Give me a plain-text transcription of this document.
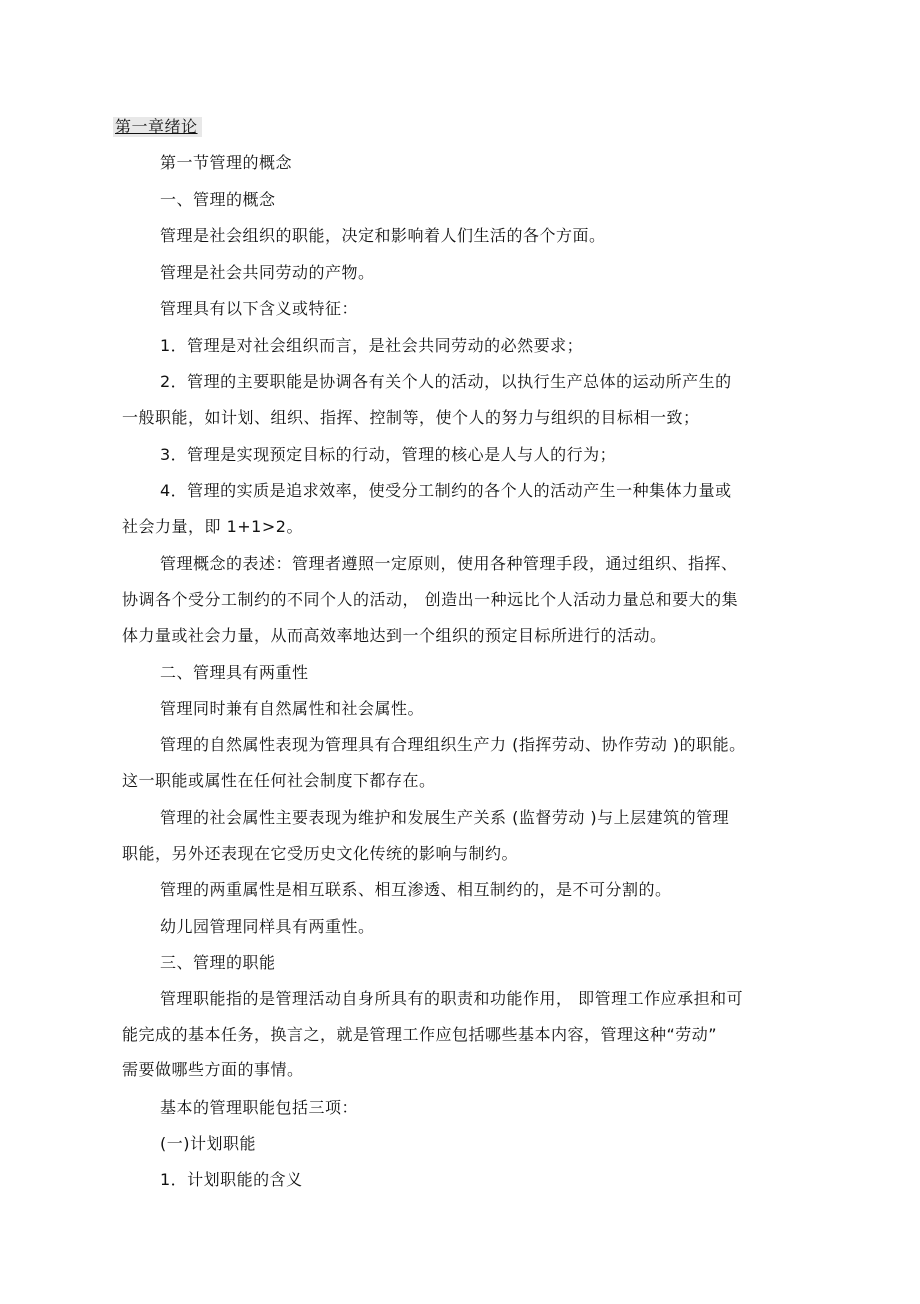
第一章绪论
第一节管理的概念
一、管理的概念
管理是社会组织的职能，决定和影响着人们生活的各个方面。
管理是社会共同劳动的产物。
管理具有以下含义或特征：
1．管理是对社会组织而言，是社会共同劳动的必然要求；
2．管理的主要职能是协调各有关个人的活动，以执行生产总体的运动所产生的
一般职能，如计划、组织、指挥、控制等，使个人的努力与组织的目标相一致；
3．管理是实现预定目标的行动，管理的核心是人与人的行为；
4．管理的实质是追求效率，使受分工制约的各个人的活动产生一种集体力量或
社会力量，即 1+1>2。
管理概念的表述：管理者遵照一定原则，使用各种管理手段，通过组织、指挥、
协调各个受分工制约的不同个人的活动， 创造出一种远比个人活动力量总和要大的集
体力量或社会力量，从而高效率地达到一个组织的预定目标所进行的活动。
二、管理具有两重性
管理同时兼有自然属性和社会属性。
管理的自然属性表现为管理具有合理组织生产力 (指挥劳动、协作劳动 )的职能。
这一职能或属性在任何社会制度下都存在。
管理的社会属性主要表现为维护和发展生产关系 (监督劳动 )与上层建筑的管理
职能，另外还表现在它受历史文化传统的影响与制约。
管理的两重属性是相互联系、相互渗透、相互制约的，是不可分割的。
幼儿园管理同样具有两重性。
三、管理的职能
管理职能指的是管理活动自身所具有的职责和功能作用， 即管理工作应承担和可
能完成的基本任务，换言之，就是管理工作应包括哪些基本内容，管理这种“劳动”
需要做哪些方面的事情。
基本的管理职能包括三项：
(一)计划职能
1．计划职能的含义
